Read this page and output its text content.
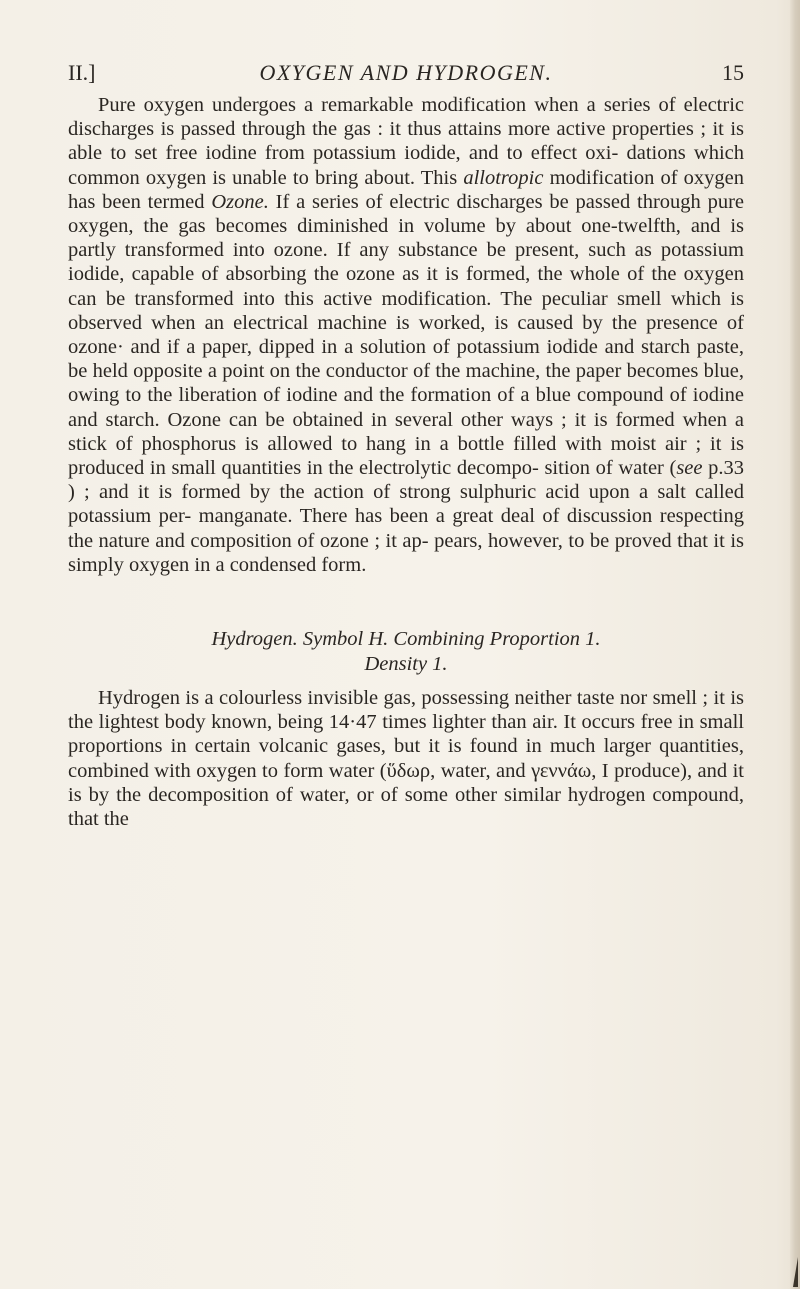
II.]	OXYGEN AND HYDROGEN.	15

Pure oxygen undergoes a remarkable modification when a series of electric discharges is passed through the gas : it thus attains more active properties ; it is able to set free iodine from potassium iodide, and to effect oxi- dations which common oxygen is unable to bring about. This allotropic modification of oxygen has been termed Ozone. If a series of electric discharges be passed through pure oxygen, the gas becomes diminished in volume by about one-twelfth, and is partly transformed into ozone. If any substance be present, such as potassium iodide, capable of absorbing the ozone as it is formed, the whole of the oxygen can be transformed into this active modification. The peculiar smell which is observed when an electrical machine is worked, is caused by the presence of ozone· and if a paper, dipped in a solution of potassium iodide and starch paste, be held opposite a point on the conductor of the machine, the paper becomes blue, owing to the liberation of iodine and the formation of a blue compound of iodine and starch. Ozone can be obtained in several other ways ; it is formed when a stick of phosphorus is allowed to hang in a bottle filled with moist air ; it is produced in small quantities in the electrolytic decompo- sition of water (see p.33 ) ; and it is formed by the action of strong sulphuric acid upon a salt called potassium per- manganate. There has been a great deal of discussion respecting the nature and composition of ozone ; it ap- pears, however, to be proved that it is simply oxygen in a condensed form.

Hydrogen. Symbol H. Combining Proportion 1.

Density 1.

Hydrogen is a colourless invisible gas, possessing neither taste nor smell ; it is the lightest body known, being 14·47 times lighter than air. It occurs free in small proportions in certain volcanic gases, but it is found in much larger quantities, combined with oxygen to form water (ὕδωρ, water, and γεννάω, I produce), and it is by the decomposition of water, or of some other similar hydrogen compound, that the
